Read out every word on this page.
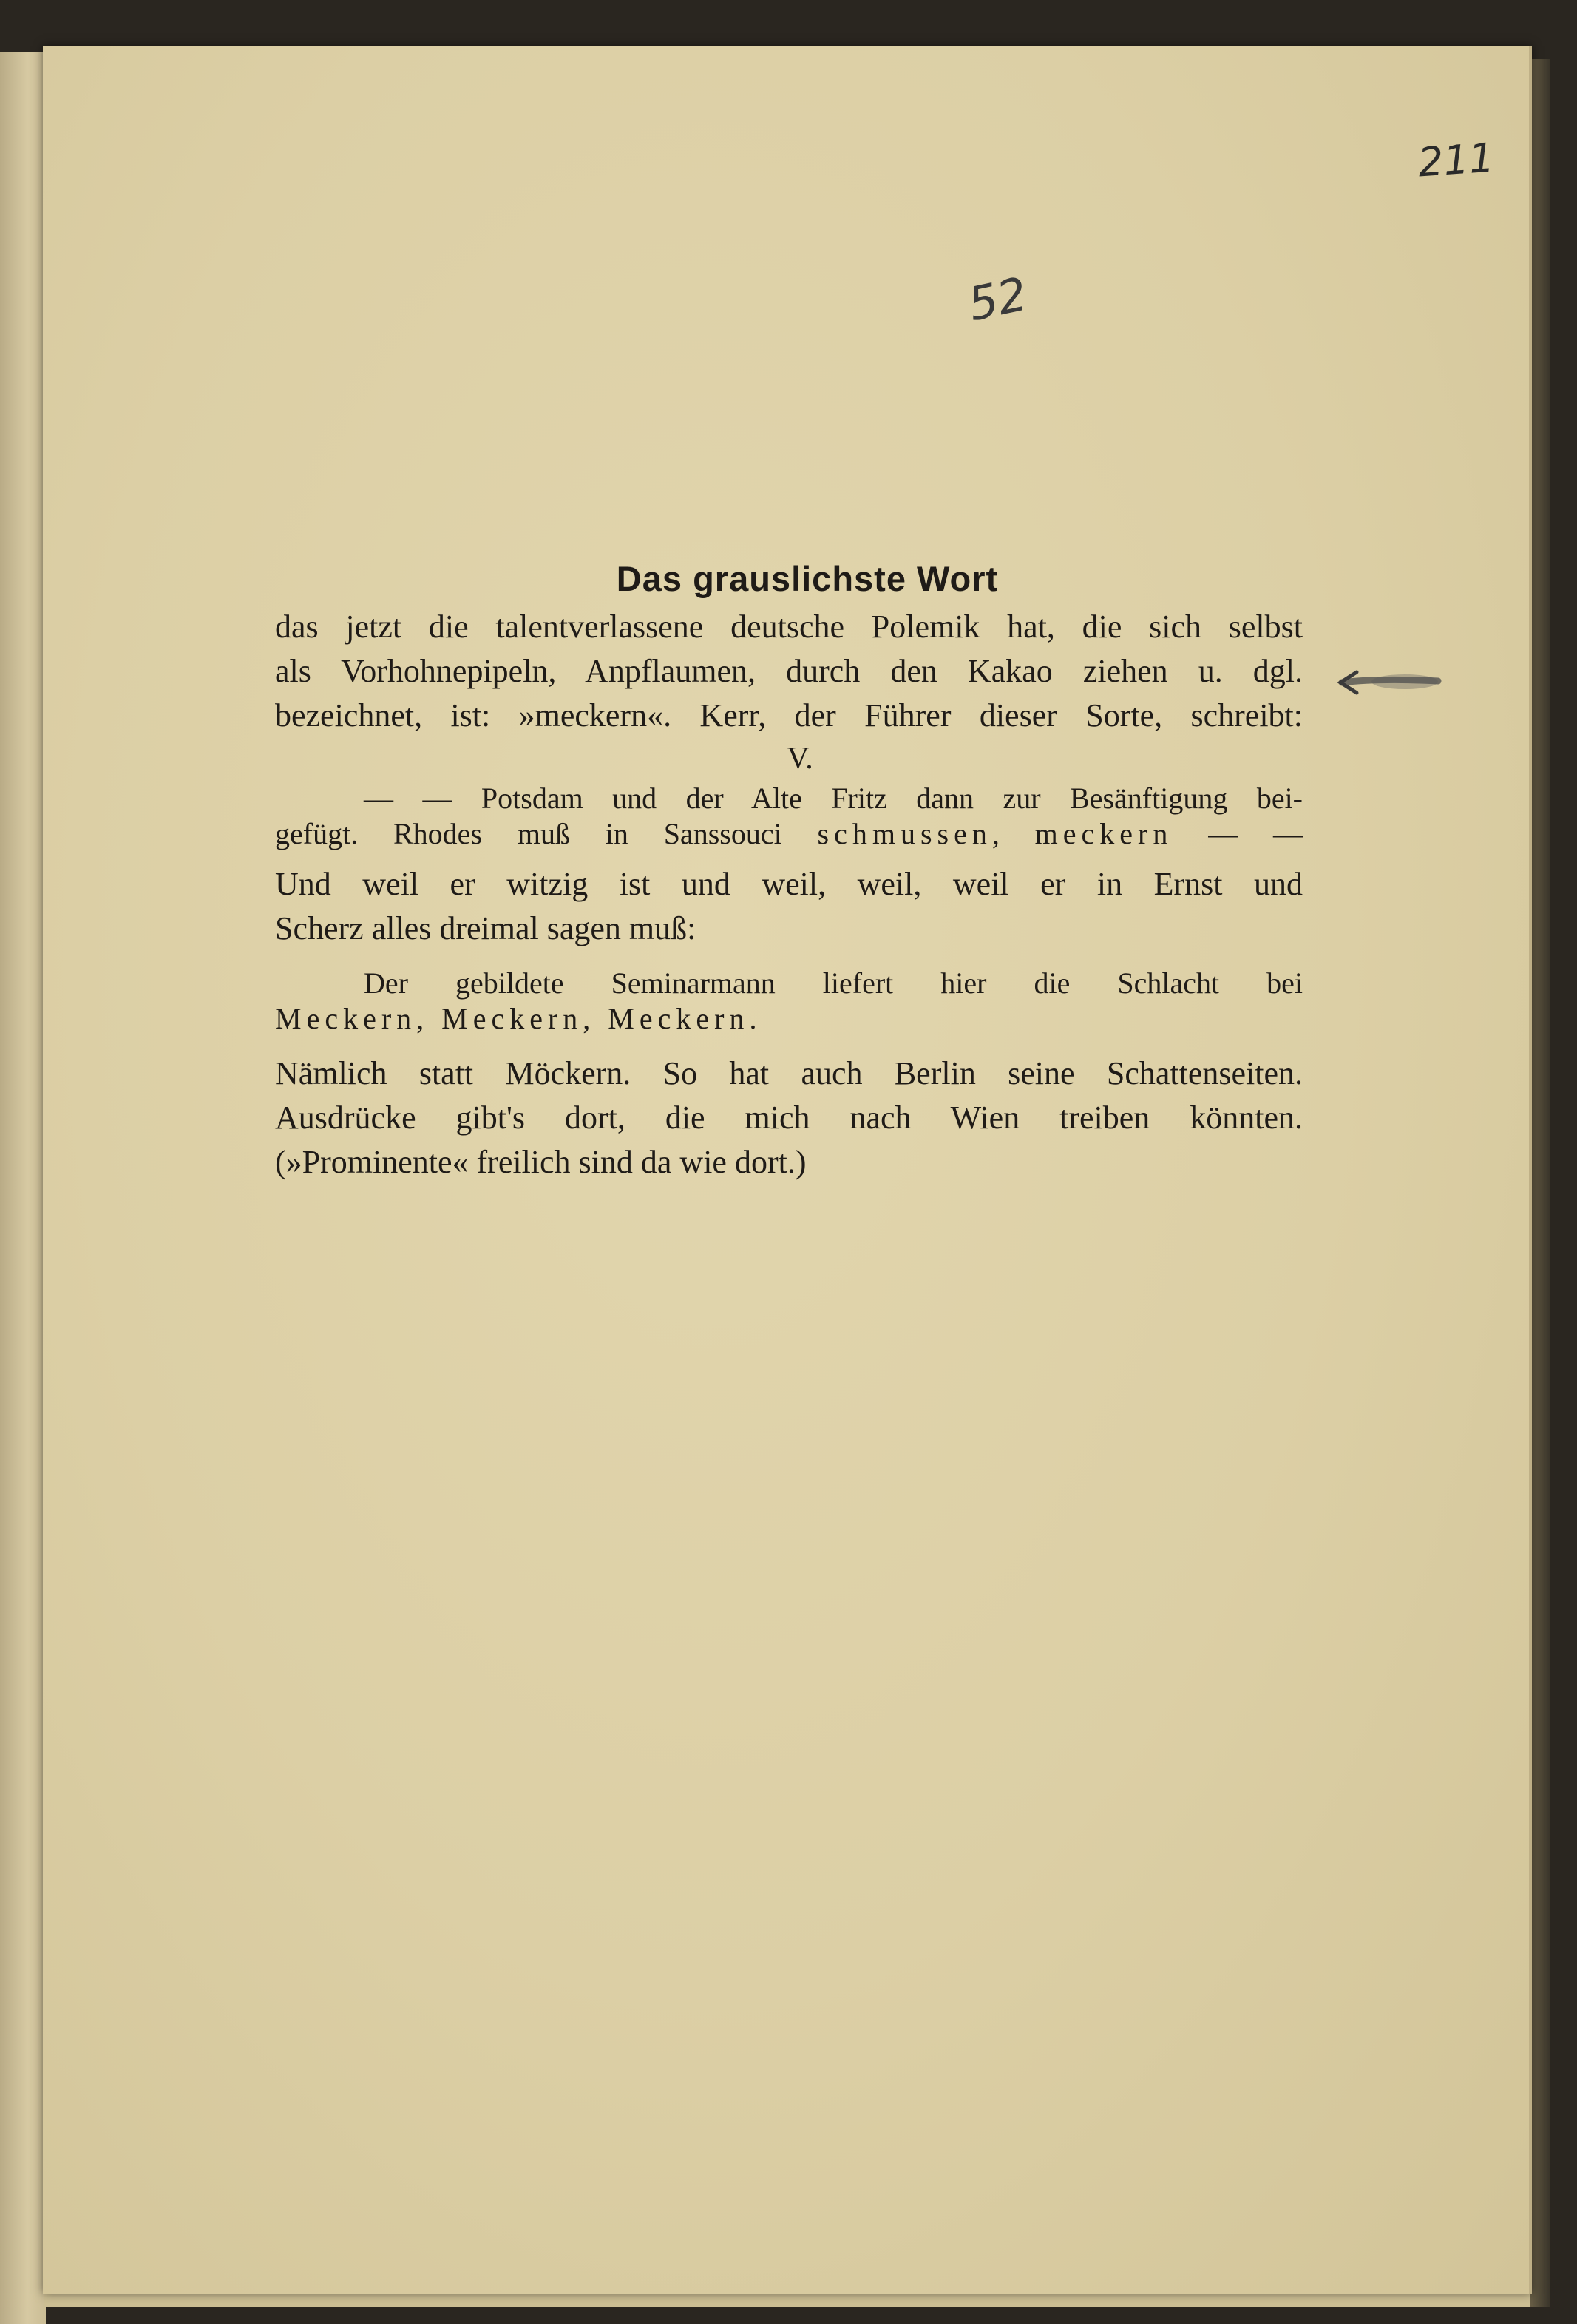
211
52
Das grauslichste Wort
das jetzt die talentverlassene deutsche Polemik hat, die sich selbst
als Vorhohnepipeln, Anpflaumen, durch den Kakao ziehen u. dgl.
bezeichnet, ist: »meckern«. Kerr, der Führer dieser Sorte, schreibt:
V.
— — Potsdam und der Alte Fritz dann zur Besänftigung bei-
gefügt. Rhodes muß in Sanssouci schmussen, meckern — —
Und weil er witzig ist und weil, weil, weil er in Ernst und
Scherz alles dreimal sagen muß:
Der gebildete Seminarmann liefert hier die Schlacht bei
Meckern, Meckern, Meckern.
Nämlich statt Möckern. So hat auch Berlin seine Schattenseiten.
Ausdrücke gibt's dort, die mich nach Wien treiben könnten.
(»Prominente« freilich sind da wie dort.)
